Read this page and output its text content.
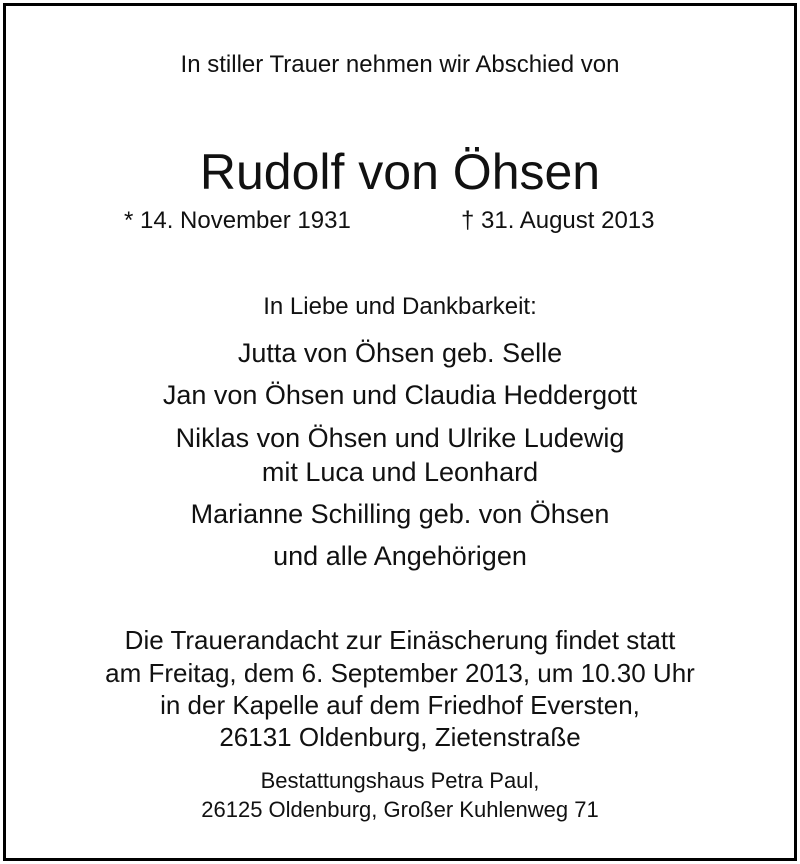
In stiller Trauer nehmen wir Abschied von
Rudolf von Öhsen
* 14. November 1931	† 31. August 2013
In Liebe und Dankbarkeit:
Jutta von Öhsen geb. Selle
Jan von Öhsen und Claudia Heddergott
Niklas von Öhsen und Ulrike Ludewig
mit Luca und Leonhard
Marianne Schilling geb. von Öhsen
und alle Angehörigen
Die Trauerandacht zur Einäscherung findet statt
am Freitag, dem 6. September 2013, um 10.30 Uhr
in der Kapelle auf dem Friedhof Eversten,
26131 Oldenburg, Zietenstraße
Bestattungshaus Petra Paul,
26125 Oldenburg, Großer Kuhlenweg 71
